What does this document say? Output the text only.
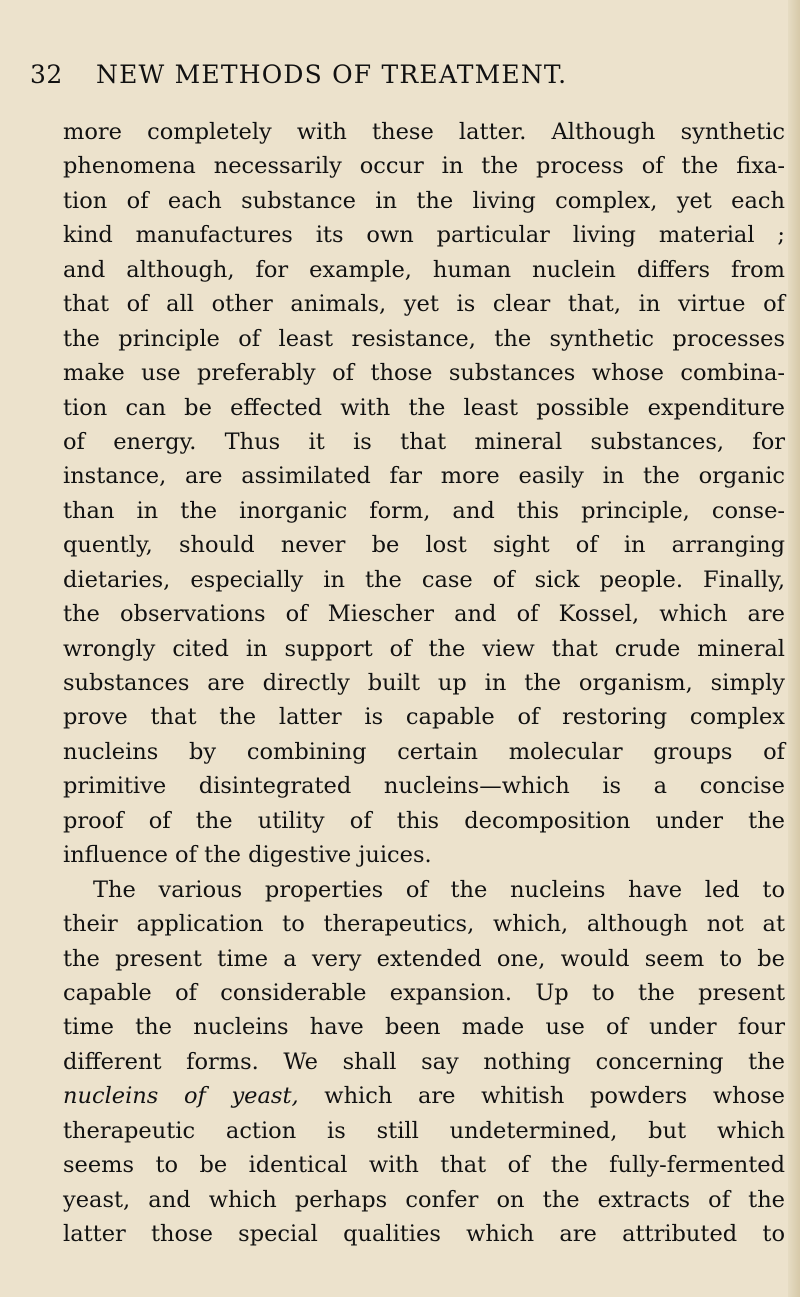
32 NEW METHODS OF TREATMENT.
more completely with these latter. Although synthetic
phenomena necessarily occur in the process of the fixa-
tion of each substance in the living complex, yet each
kind manufactures its own particular living material ;
and although, for example, human nuclein differs from
that of all other animals, yet is clear that, in virtue of
the principle of least resistance, the synthetic processes
make use preferably of those substances whose combina-
tion can be effected with the least possible expenditure
of energy. Thus it is that mineral substances, for
instance, are assimilated far more easily in the organic
than in the inorganic form, and this principle, conse-
quently, should never be lost sight of in arranging
dietaries, especially in the case of sick people. Finally,
the observations of Miescher and of Kossel, which are
wrongly cited in support of the view that crude mineral
substances are directly built up in the organism, simply
prove that the latter is capable of restoring complex
nucleins by combining certain molecular groups of
primitive disintegrated nucleins—which is a concise
proof of the utility of this decomposition under the
influence of the digestive juices.
The various properties of the nucleins have led to
their application to therapeutics, which, although not at
the present time a very extended one, would seem to be
capable of considerable expansion. Up to the present
time the nucleins have been made use of under four
different forms. We shall say nothing concerning the
nucleins of yeast, which are whitish powders whose
therapeutic action is still undetermined, but which
seems to be identical with that of the fully-fermented
yeast, and which perhaps confer on the extracts of the
latter those special qualities which are attributed to
